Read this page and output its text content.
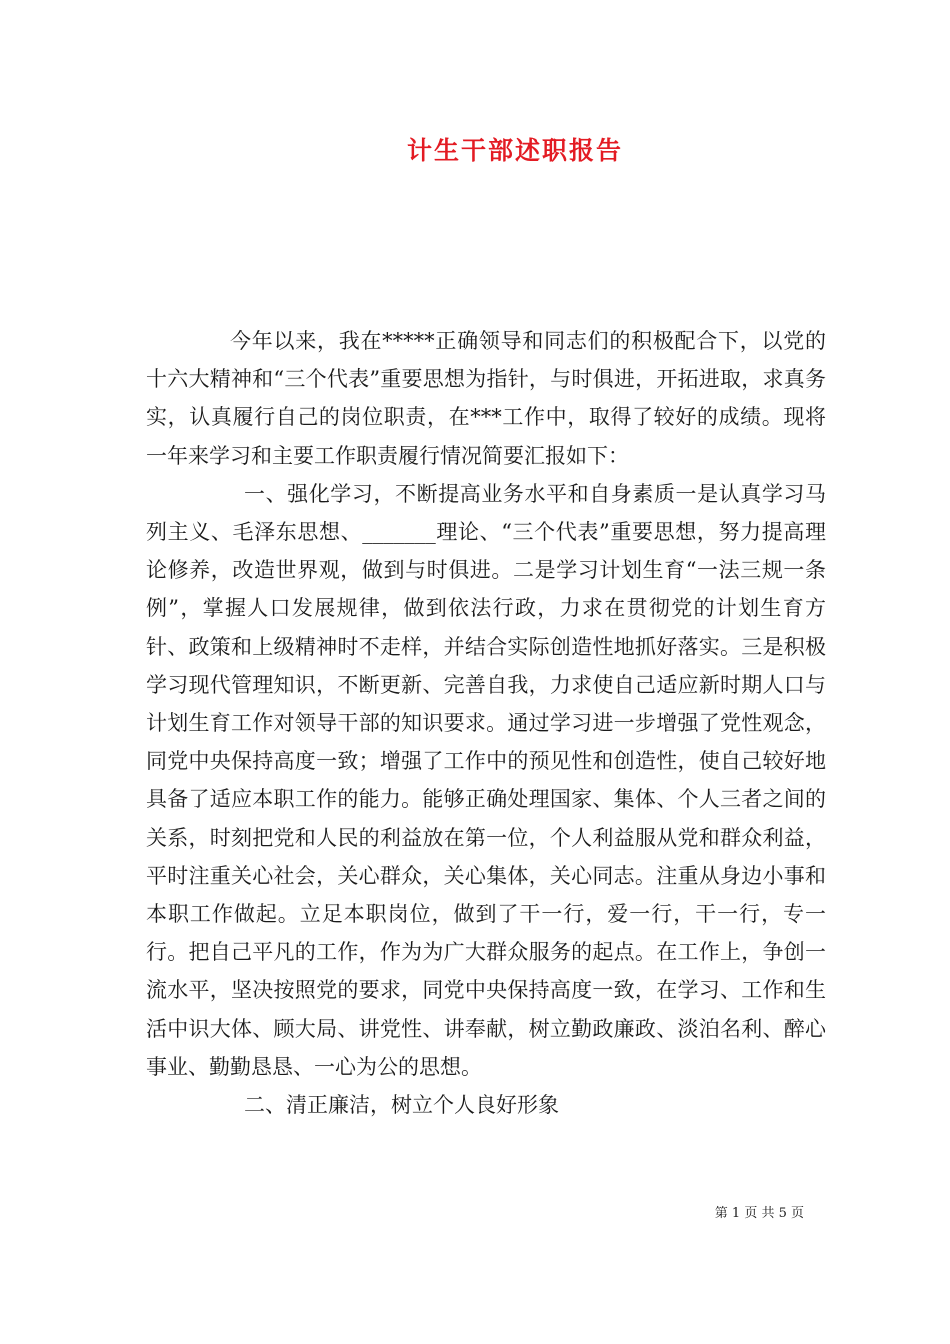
计生干部述职报告

今年以来，我在*****正确领导和同志们的积极配合下，以党的十六大精神和“三个代表”重要思想为指针，与时俱进，开拓进取，求真务实，认真履行自己的岗位职责，在***工作中，取得了较好的成绩。现将一年来学习和主要工作职责履行情况简要汇报如下：

一、强化学习，不断提高业务水平和自身素质一是认真学习马列主义、毛泽东思想、_______理论、“三个代表”重要思想，努力提高理论修养，改造世界观，做到与时俱进。二是学习计划生育“一法三规一条例”，掌握人口发展规律，做到依法行政，力求在贯彻党的计划生育方针、政策和上级精神时不走样，并结合实际创造性地抓好落实。三是积极学习现代管理知识，不断更新、完善自我，力求使自己适应新时期人口与计划生育工作对领导干部的知识要求。通过学习进一步增强了党性观念，同党中央保持高度一致；增强了工作中的预见性和创造性，使自己较好地具备了适应本职工作的能力。能够正确处理国家、集体、个人三者之间的关系，时刻把党和人民的利益放在第一位，个人利益服从党和群众利益，平时注重关心社会，关心群众，关心集体，关心同志。注重从身边小事和本职工作做起。立足本职岗位，做到了干一行，爱一行，干一行，专一行。把自己平凡的工作，作为为广大群众服务的起点。在工作上，争创一流水平，坚决按照党的要求，同党中央保持高度一致，在学习、工作和生活中识大体、顾大局、讲党性、讲奉献，树立勤政廉政、淡泊名利、醉心事业、勤勤恳恳、一心为公的思想。

二、清正廉洁，树立个人良好形象

第 1 页 共 5 页
